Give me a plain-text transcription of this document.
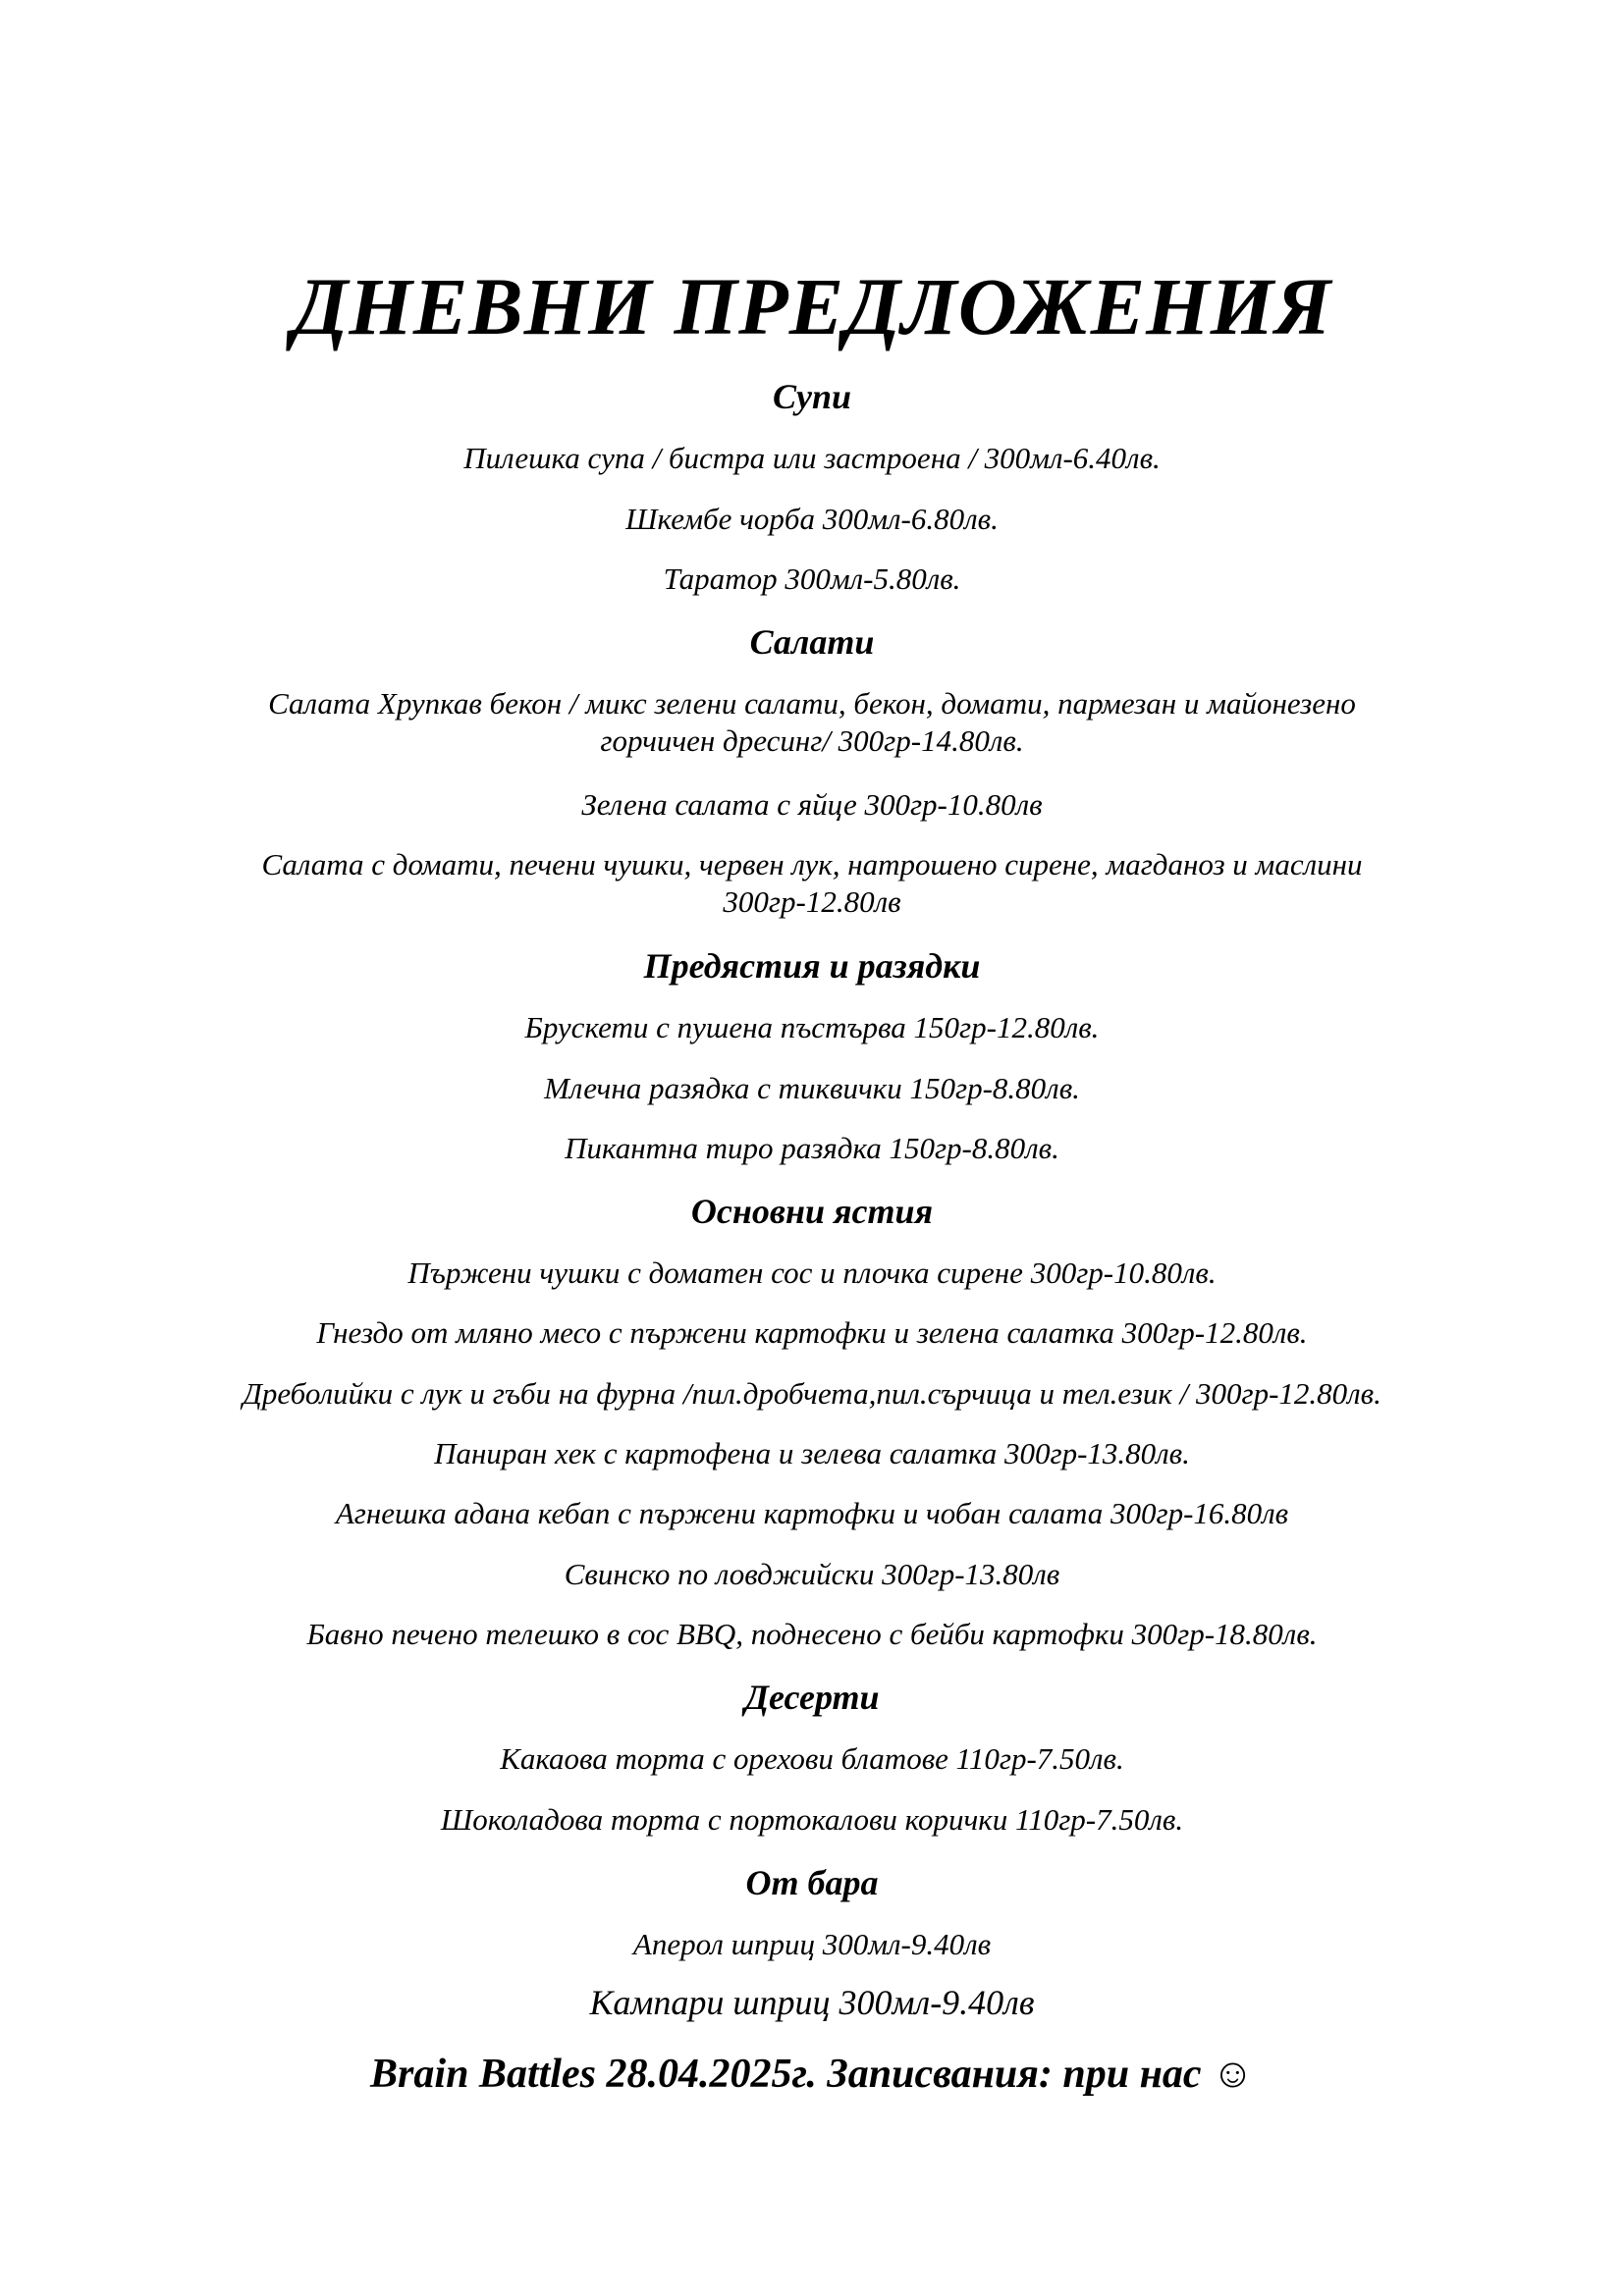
ДНЕВНИ ПРЕДЛОЖЕНИЯ
Супи
Пилешка супа / бистра или застроена / 300мл-6.40лв.
Шкембе чорба 300мл-6.80лв.
Таратор 300мл-5.80лв.
Салати
Салата Хрупкав бекон / микс зелени салати, бекон, домати, пармезан и майонезено
горчичен дресинг/ 300гр-14.80лв.
Зелена салата с яйце 300гр-10.80лв
Салата с домати, печени чушки, червен лук, натрошено сирене, магданоз и маслини
300гр-12.80лв
Предястия и разядки
Брускети с пушена пъстърва 150гр-12.80лв.
Млечна разядка с тиквички 150гр-8.80лв.
Пикантна тиро разядка 150гр-8.80лв.
Основни ястия
Пържени чушки с доматен сос и плочка сирене 300гр-10.80лв.
Гнездо от мляно месо с пържени картофки и зелена салатка 300гр-12.80лв.
Дреболийки с лук и гъби на фурна /пил.дробчета,пил.сърчица и тел.език / 300гр-12.80лв.
Паниран хек с картофена и зелева салатка 300гр-13.80лв.
Агнешка адана кебап с пържени картофки и чобан салата 300гр-16.80лв
Свинско по ловджийски 300гр-13.80лв
Бавно печено телешко в сос BBQ, поднесено с бейби картофки 300гр-18.80лв.
Десерти
Какаова торта с орехови блатове 110гр-7.50лв.
Шоколадова торта с портокалови корички 110гр-7.50лв.
От бара
Аперол шприц 300мл-9.40лв
Кампари шприц 300мл-9.40лв
Brain Battles 28.04.2025г. Записвания: при нас ☺
